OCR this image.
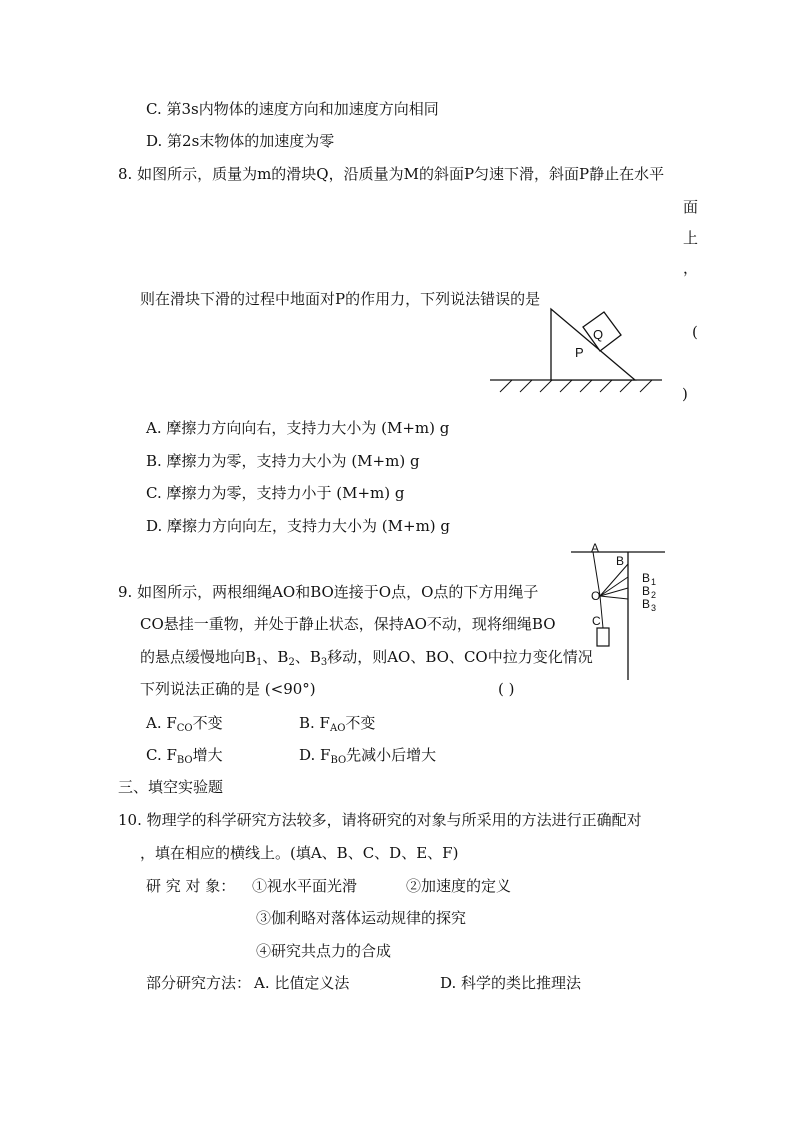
C. 第3s内物体的速度方向和加速度方向相同
D. 第2s末物体的加速度为零
8. 如图所示，质量为m的滑块Q，沿质量为M的斜面P匀速下滑，斜面P静止在水平
面
上
，
则在滑块下滑的过程中地面对P的作用力，下列说法错误的是
(
)
Q
P
A. 摩擦力方向向右，支持力大小为 (M+m) g
B. 摩擦力为零，支持力大小为 (M+m) g
C. 摩擦力为零，支持力小于 (M+m) g
D. 摩擦力方向向左，支持力大小为 (M+m) g
A
B
B 1
B 2
B 3
O
C
9. 如图所示，两根细绳AO和BO连接于O点，O点的下方用绳子
CO悬挂一重物，并处于静止状态，保持AO不动，现将细绳BO
的悬点缓慢地向$B_1$、$B_2$、$B_3$移动，则AO、BO、CO中拉力变化情况
下列说法正确的是 (<90°)	( )
A. $F_{CO}$不变	B. $F_{AO}$不变
C. $F_{BO}$增大	D. $F_{BO}$先减小后增大
三、填空实验题
10. 物理学的科学研究方法较多，请将研究的对象与所采用的方法进行正确配对
，填在相应的横线上。(填A、B、C、D、E、F)
研 究 对 象： ①视水平面光滑	②加速度的定义
③伽利略对落体运动规律的探究
④研究共点力的合成
部分研究方法： A. 比值定义法	D. 科学的类比推理法
